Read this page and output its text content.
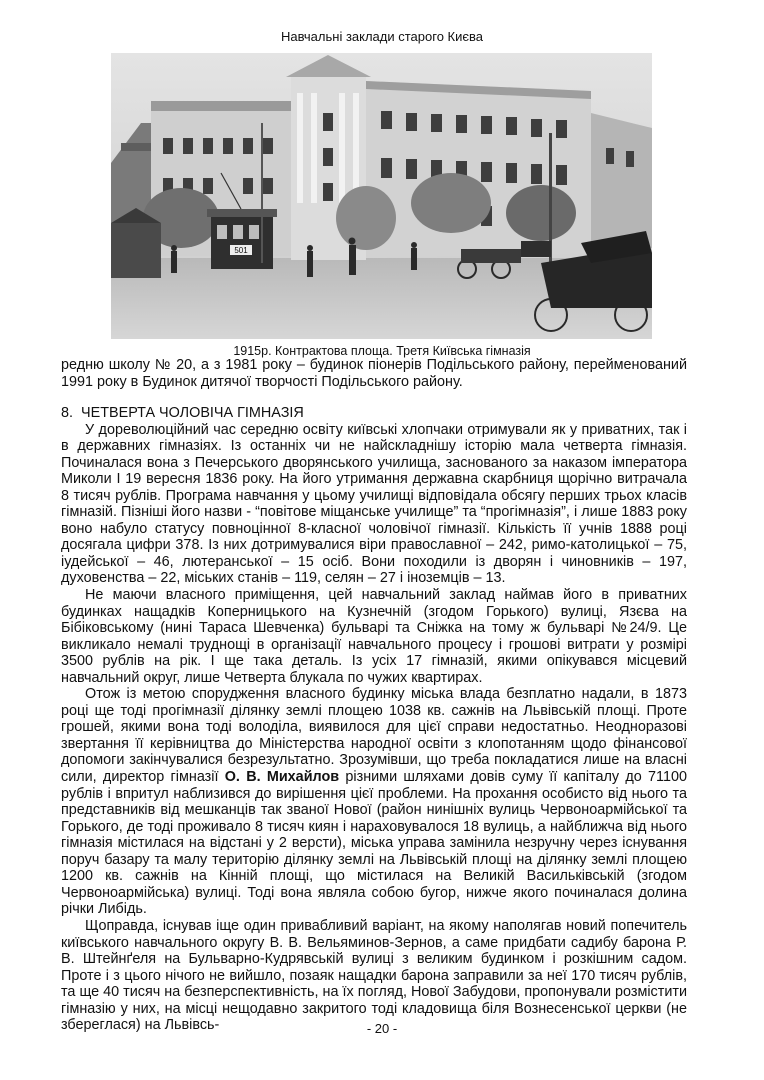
Навчальні заклади старого Києва
501
1915р. Контрактова площа. Третя Київська гімназія

редню школу № 20, а з 1981 року – будинок піонерів Подільського району, перейменований 1991 року в Будинок дитячої творчості Подільського району.

8. ЧЕТВЕРТА ЧОЛОВІЧА ГІМНАЗІЯ

У дореволюційний час середню освіту київські хлопчаки отримували як у приватних, так і в державних гімназіях. Із останніх чи не найскладнішу історію мала четверта гімназія. Починалася вона з Печерського дворянського училища, заснованого за наказом імператора Миколи І 19 вересня 1836 року. На його утримання державна скарбниця щорічно витрачала 8 тисяч рублів. Програма навчання у цьому училищі відповідала обсягу перших трьох класів гімназій. Пізніші його назви - “повітове міщанське училище” та “прогімназія”, і лише 1883 року воно набуло статусу повноцінної 8-класної чоловічої гімназії. Кількість її учнів 1888 році досягала цифри 378. Із них дотримувалися віри православної – 242, римо-католицької – 75, іудейської – 46, лютеранської – 15 осіб. Вони походили із дворян і чиновників – 197, духовенства – 22, міських станів – 119, селян – 27 і іноземців – 13.

Не маючи власного приміщення, цей навчальний заклад наймав його в приватних будинках нащадків Коперницького на Кузнечній (згодом Горького) вулиці, Язєва на Бібіковському (нині Тараса Шевченка) бульварі та Сніжка на тому ж бульварі №24/9. Це викликало немалі труднощі в організації навчального процесу і грошові витрати у розмірі 3500 рублів на рік. І ще така деталь. Із усіх 17 гімназій, якими опікувався місцевий навчальний округ, лише Четверта блукала по чужих квартирах.

Отож із метою спорудження власного будинку міська влада безплатно надали, в 1873 році ще тоді прогімназії ділянку землі площею 1038 кв. сажнів на Львівській площі. Проте грошей, якими вона тоді володіла, виявилося для цієї справи недостатньо. Неодноразові звертання її керівництва до Міністерства народної освіти з клопотанням щодо фінансової допомоги закінчувалися безрезультатно. Зрозумівши, що треба покладатися лише на власні сили, директор гімназії О. В. Михайлов різними шляхами довів суму її капіталу до 71100 рублів і впритул наблизився до вирішення цієї проблеми. На прохання особисто від нього та представників від мешканців так званої Нової (район нинішніх вулиць Червоноармійської та Горького, де тоді проживало 8 тисяч киян і нараховувалося 18 вулиць, а найближча від нього гімназія містилася на відстані у 2 версти), міська управа замінила незручну через існування поруч базару та малу територію ділянку землі на Львівській площі на ділянку землі площею 1200 кв. сажнів на Кінній площі, що містилася на Великій Васильківській (згодом Червоноармійська) вулиці. Тоді вона являла собою бугор, нижче якого починалася долина річки Либідь.

Щоправда, існував іще один привабливий варіант, на якому наполягав новий попечитель київського навчального округу В. В. Вельяминов-Зернов, а саме придбати садибу барона Р. В. Штейнґеля на Бульварно-Кудрявській вулиці з великим будинком і розкішним садом. Проте і з цього нічого не вийшло, позаяк нащадки барона заправили за неї 170 тисяч рублів, та ще 40 тисяч на безперспективність, на їх погляд, Нової Забудови, пропонували розмістити гімназію у них, на місці нещодавно закритого тоді кладовища біля Вознесенської церкви (не збереглася) на Львівсь-	- 20 -
